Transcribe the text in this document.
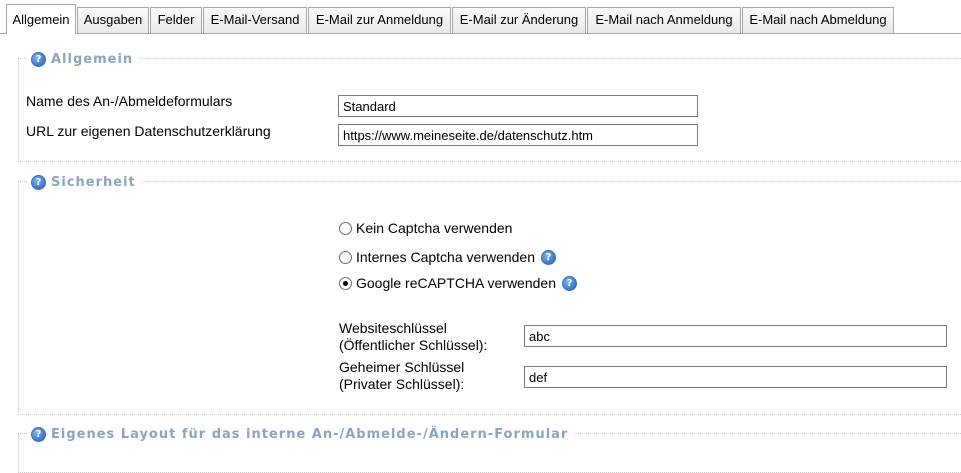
Allgemein	Ausgaben	Felder	E-Mail-Versand	E-Mail zur Anmeldung	E-Mail zur Änderung	E-Mail nach Anmeldung	E-Mail nach Abmeldung
? Allgemein
Name des An-/Abmeldeformulars
Standard
URL zur eigenen Datenschutzerklärung
https://www.meineseite.de/datenschutz.htm
? Sicherheit
Kein Captcha verwenden
Internes Captcha verwenden	?
Google reCAPTCHA verwenden	?
Websiteschlüssel
(Öffentlicher Schlüssel):
abc
Geheimer Schlüssel
(Privater Schlüssel):
def
? Eigenes Layout für das interne An-/Abmelde-/Ändern-Formular
